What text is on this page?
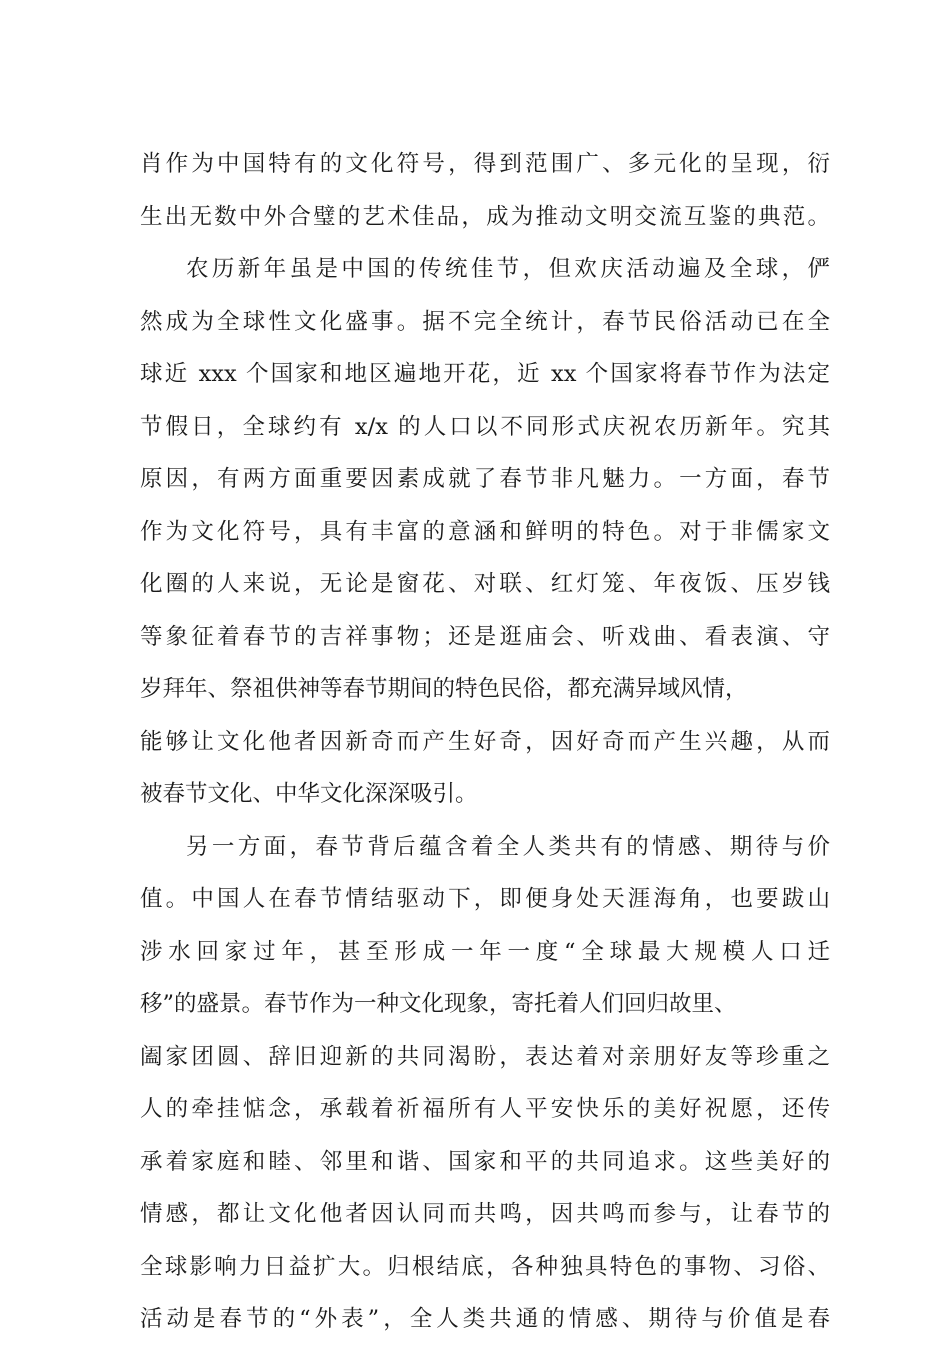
肖作为中国特有的文化符号，得到范围广、多元化的呈现，衍
生出无数中外合璧的艺术佳品，成为推动文明交流互鉴的典范。
农历新年虽是中国的传统佳节，但欢庆活动遍及全球，俨
然成为全球性文化盛事。据不完全统计，春节民俗活动已在全
球近 xxx 个国家和地区遍地开花，近 xx 个国家将春节作为法定
节假日，全球约有 x/x 的人口以不同形式庆祝农历新年。究其
原因，有两方面重要因素成就了春节非凡魅力。一方面，春节
作为文化符号，具有丰富的意涵和鲜明的特色。对于非儒家文
化圈的人来说，无论是窗花、对联、红灯笼、年夜饭、压岁钱
等象征着春节的吉祥事物；还是逛庙会、听戏曲、看表演、守
岁拜年、祭祖供神等春节期间的特色民俗，都充满异域风情，
能够让文化他者因新奇而产生好奇，因好奇而产生兴趣，从而
被春节文化、中华文化深深吸引。
另一方面，春节背后蕴含着全人类共有的情感、期待与价
值。中国人在春节情结驱动下，即便身处天涯海角，也要跋山
涉水回家过年，甚至形成一年一度“全球最大规模人口迁
移”的盛景。春节作为一种文化现象，寄托着人们回归故里、
阖家团圆、辞旧迎新的共同渴盼，表达着对亲朋好友等珍重之
人的牵挂惦念，承载着祈福所有人平安快乐的美好祝愿，还传
承着家庭和睦、邻里和谐、国家和平的共同追求。这些美好的
情感，都让文化他者因认同而共鸣，因共鸣而参与，让春节的
全球影响力日益扩大。归根结底，各种独具特色的事物、习俗、
活动是春节的“外表”，全人类共通的情感、期待与价值是春
